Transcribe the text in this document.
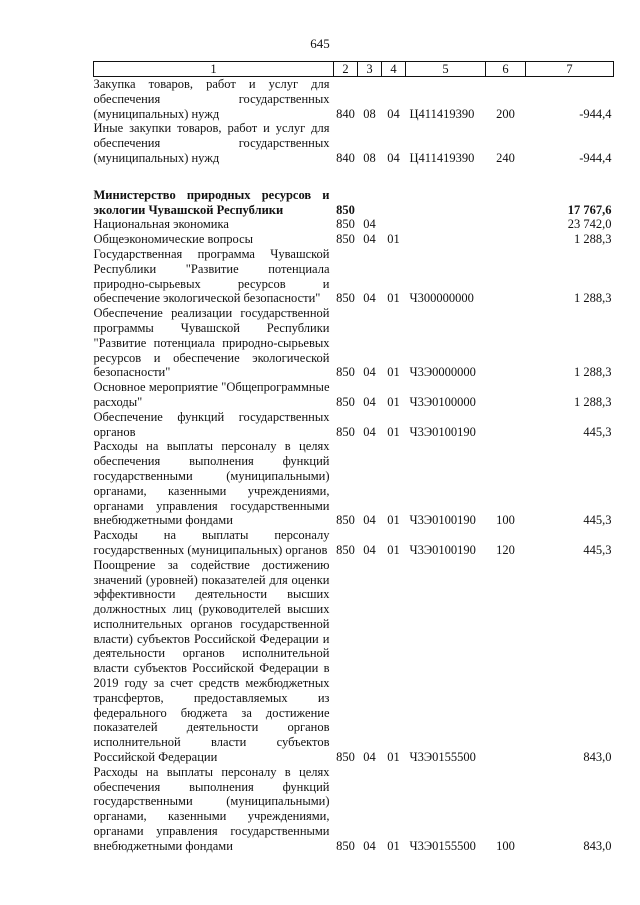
645
1	2	3	4	5	6	7
Закупка товаров, работ и услуг для обеспечения государственных (муниципальных) нужд	840	08	04	Ц411419390	200	-944,4
Иные закупки товаров, работ и услуг для обеспечения государственных (муниципальных) нужд	840	08	04	Ц411419390	240	-944,4

Министерство природных ресурсов и экологии Чувашской Республики	850					17 767,6
Национальная экономика	850	04				23 742,0
Общеэкономические вопросы	850	04	01			1 288,3
Государственная программа Чувашской Республики "Развитие потенциала природно-сырьевых ресурсов и обеспечение экологической безопасности"	850	04	01	Ч300000000		1 288,3
Обеспечение реализации государственной программы Чувашской Республики "Развитие потенциала природно-сырьевых ресурсов и обеспечение экологической безопасности"	850	04	01	Ч3Э0000000		1 288,3
Основное мероприятие "Общепрограммные расходы"	850	04	01	Ч3Э0100000		1 288,3
Обеспечение функций государственных органов	850	04	01	Ч3Э0100190		445,3
Расходы на выплаты персоналу в целях обеспечения выполнения функций государственными (муниципальными) органами, казенными учреждениями, органами управления государственными внебюджетными фондами	850	04	01	Ч3Э0100190	100	445,3
Расходы на выплаты персоналу государственных (муниципальных) органов	850	04	01	Ч3Э0100190	120	445,3
Поощрение за содействие достижению значений (уровней) показателей для оценки эффективности деятельности высших должностных лиц (руководителей высших исполнительных органов государственной власти) субъектов Российской Федерации и деятельности органов исполнительной власти субъектов Российской Федерации в 2019 году за счет средств межбюджетных трансфертов, предоставляемых из федерального бюджета за достижение показателей деятельности органов исполнительной власти субъектов Российской Федерации	850	04	01	Ч3Э0155500		843,0
Расходы на выплаты персоналу в целях обеспечения выполнения функций государственными (муниципальными) органами, казенными учреждениями, органами управления государственными внебюджетными фондами	850	04	01	Ч3Э0155500	100	843,0
